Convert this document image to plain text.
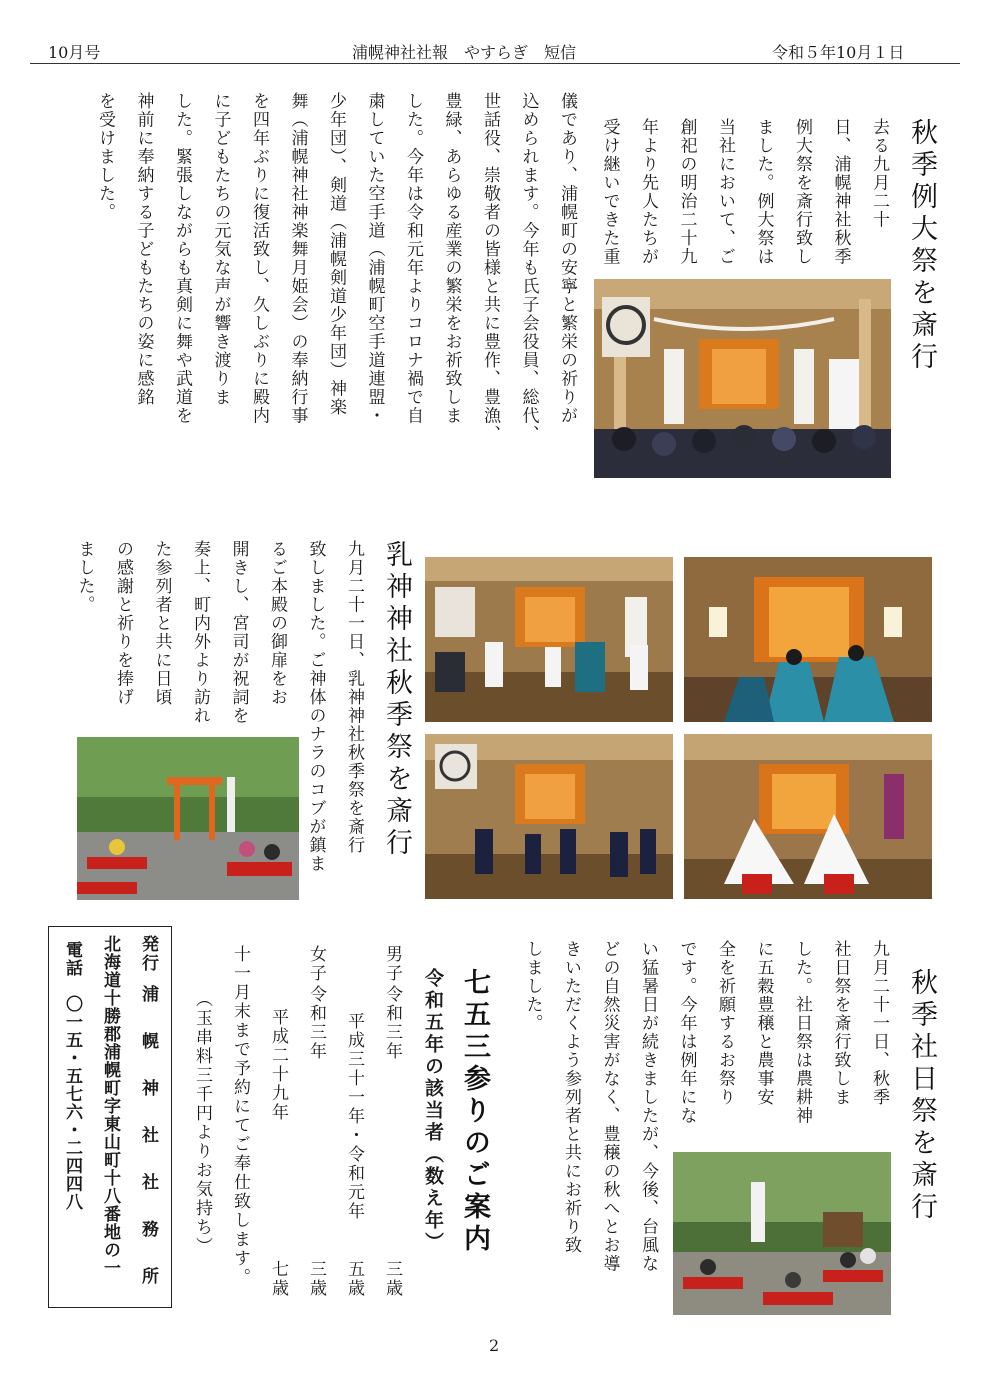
10月号	浦幌神社社報　やすらぎ　短信	令和５年10月１日
秋季例大祭を斎行

去る九月二十

日、浦幌神社秋季

例大祭を斎行致し

ました。例大祭は

当社において、ご

創祀の明治二十九

年より先人たちが

受け継いできた重

儀であり、浦幌町の安寧と繁栄の祈りが

込められます。今年も氏子会役員、総代、

世話役、崇敬者の皆様と共に豊作、豊漁、

豊緑、あらゆる産業の繁栄をお祈致しま

した。今年は令和元年よりコロナ禍で自

粛していた空手道（浦幌町空手道連盟・

少年団）、剣道（浦幌剣道少年団）神楽

舞（浦幌神社神楽舞月姫会）の奉納行事

を四年ぶりに復活致し、久しぶりに殿内

に子どもたちの元気な声が響き渡りま

した。緊張しながらも真剣に舞や武道を

神前に奉納する子どもたちの姿に感銘

を受けました。

乳神神社秋季祭を斎行

九月二十一日、乳神神社秋季祭を斎行

致しました。ご神体のナラのコブが鎮ま

るご本殿の御扉をお

開きし、宮司が祝詞を

奏上、町内外より訪れ

た参列者と共に日頃

の感謝と祈りを捧げ

ました。

秋季社日祭を斎行

九月二十一日、秋季

社日祭を斎行致しま

した。社日祭は農耕神

に五穀豊穣と農事安

全を祈願するお祭り

です。今年は例年にな

い猛暑日が続きましたが、今後、台風な

どの自然災害がなく、豊穣の秋へとお導

きいただくよう参列者と共にお祈り致

しました。

七五三参りのご案内
令和五年の該当者（数え年）
男子
令和三年
三歳
平成三十一年・令和元年
五歳
女子
令和三年
三歳
平成二十九年
七歳
十一月末まで予約にてご奉仕致します。
（玉串料三千円よりお気持ち）
発行
浦 幌 神 社 社 務 所
北海道十勝郡浦幌町字東山町十八番地の一
電話　〇一五・五七六・二四四八
2
